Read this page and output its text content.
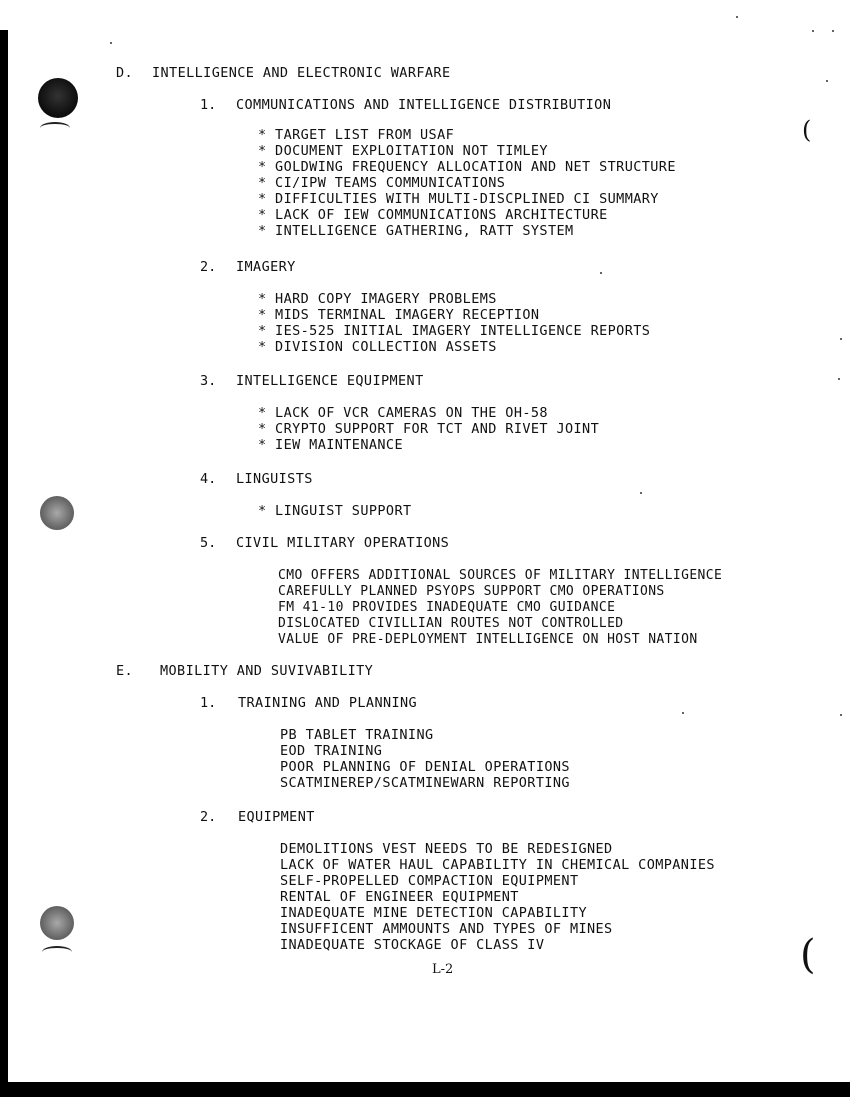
(
(
D. INTELLIGENCE AND ELECTRONIC WARFARE
1. COMMUNICATIONS AND INTELLIGENCE DISTRIBUTION
* TARGET LIST FROM USAF
* DOCUMENT EXPLOITATION NOT TIMLEY
* GOLDWING FREQUENCY ALLOCATION AND NET STRUCTURE
* CI/IPW TEAMS COMMUNICATIONS
* DIFFICULTIES WITH MULTI-DISCPLINED CI SUMMARY
* LACK OF IEW COMMUNICATIONS ARCHITECTURE
* INTELLIGENCE GATHERING, RATT SYSTEM
2. IMAGERY
* HARD COPY IMAGERY PROBLEMS
* MIDS TERMINAL IMAGERY RECEPTION
* IES-525 INITIAL IMAGERY INTELLIGENCE REPORTS
* DIVISION COLLECTION ASSETS
3. INTELLIGENCE EQUIPMENT
* LACK OF VCR CAMERAS ON THE OH-58
* CRYPTO SUPPORT FOR TCT AND RIVET JOINT
* IEW MAINTENANCE
4. LINGUISTS
* LINGUIST SUPPORT
5. CIVIL MILITARY OPERATIONS
CMO OFFERS ADDITIONAL SOURCES OF MILITARY INTELLIGENCE
CAREFULLY PLANNED PSYOPS SUPPORT CMO OPERATIONS
FM 41-10 PROVIDES INADEQUATE CMO GUIDANCE
DISLOCATED CIVILLIAN ROUTES NOT CONTROLLED
VALUE OF PRE-DEPLOYMENT INTELLIGENCE ON HOST NATION
E. MOBILITY AND SUVIVABILITY
1. TRAINING AND PLANNING
PB TABLET TRAINING
EOD TRAINING
POOR PLANNING OF DENIAL OPERATIONS
SCATMINEREP/SCATMINEWARN REPORTING
2. EQUIPMENT
DEMOLITIONS VEST NEEDS TO BE REDESIGNED
LACK OF WATER HAUL CAPABILITY IN CHEMICAL COMPANIES
SELF-PROPELLED COMPACTION EQUIPMENT
RENTAL OF ENGINEER EQUIPMENT
INADEQUATE MINE DETECTION CAPABILITY
INSUFFICENT AMMOUNTS AND TYPES OF MINES
INADEQUATE STOCKAGE OF CLASS IV
L-2
